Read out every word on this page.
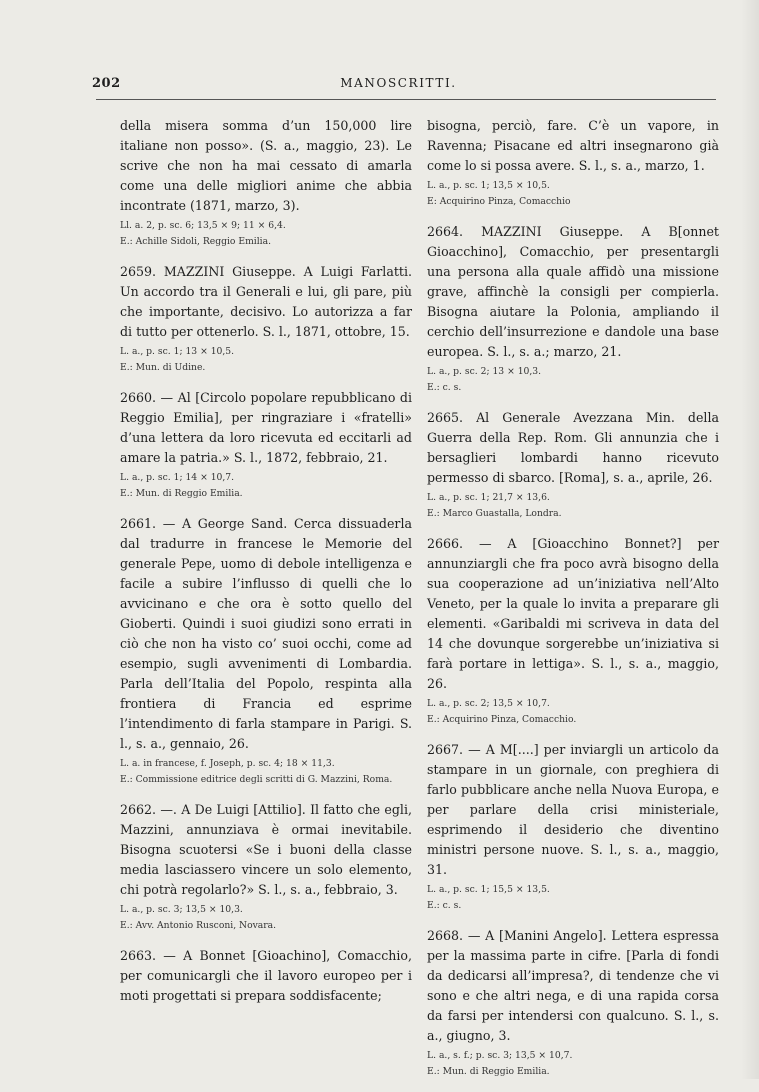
202	MANOSCRITTI.

della misera somma d’un 150,000 lire italiane non posso». (S. a., maggio, 23). Le scrive che non ha mai cessato di amarla come una delle migliori anime che abbia incontrate (1871, marzo, 3).

Ll. a. 2, p. sc. 6; 13,5 × 9; 11 × 6,4.
E.: Achille Sidoli, Reggio Emilia.

2659. MAZZINI Giuseppe. A Luigi Farlatti. Un accordo tra il Generali e lui, gli pare, più che importante, decisivo. Lo autorizza a far di tutto per ottenerlo. S. l., 1871, ottobre, 15.

L. a., p. sc. 1; 13 × 10,5.
E.: Mun. di Udine.

2660. — Al [Circolo popolare repubblicano di Reggio Emilia], per ringraziare i «fratelli» d’una lettera da loro ricevuta ed eccitarli ad amare la patria.» S. l., 1872, febbraio, 21.

L. a., p. sc. 1; 14 × 10,7.
E.: Mun. di Reggio Emilia.

2661. — A George Sand. Cerca dissuaderla dal tradurre in francese le Memorie del generale Pepe, uomo di debole intelligenza e facile a subire l’influsso di quelli che lo avvicinano e che ora è sotto quello del Gioberti. Quindi i suoi giudizi sono errati in ciò che non ha visto co’ suoi occhi, come ad esempio, sugli avvenimenti di Lombardia. Parla dell’Italia del Popolo, respinta alla frontiera di Francia ed esprime l’intendimento di farla stampare in Parigi. S. l., s. a., gennaio, 26.

L. a. in francese, f. Joseph, p. sc. 4; 18 × 11,3.
E.: Commissione editrice degli scritti di G. Mazzini, Roma.

2662. —. A De Luigi [Attilio]. Il fatto che egli, Mazzini, annunziava è ormai inevitabile. Bisogna scuotersi «Se i buoni della classe media lasciassero vincere un solo elemento, chi potrà regolarlo?» S. l., s. a., febbraio, 3.

L. a., p. sc. 3; 13,5 × 10,3.
E.: Avv. Antonio Rusconi, Novara.

2663. — A Bonnet [Gioachino], Comacchio, per comunicargli che il lavoro europeo per i moti progettati si prepara soddisfacente;

bisogna, perciò, fare. C’è un vapore, in Ravenna; Pisacane ed altri insegnarono già come lo si possa avere. S. l., s. a., marzo, 1.

L. a., p. sc. 1; 13,5 × 10,5.
E: Acquirino Pinza, Comacchio

2664. MAZZINI Giuseppe. A B[onnet Gioacchino], Comacchio, per presentargli una persona alla quale affidò una missione grave, affinchè la consigli per compierla. Bisogna aiutare la Polonia, ampliando il cerchio dell’insurrezione e dandole una base europea. S. l., s. a.; marzo, 21.

L. a., p. sc. 2; 13 × 10,3.
E.: c. s.

2665. Al Generale Avezzana Min. della Guerra della Rep. Rom. Gli annunzia che i bersaglieri lombardi hanno ricevuto permesso di sbarco. [Roma], s. a., aprile, 26.

L. a., p. sc. 1; 21,7 × 13,6.
E.: Marco Guastalla, Londra.

2666. — A [Gioacchino Bonnet?] per annunziargli che fra poco avrà bisogno della sua cooperazione ad un’iniziativa nell’Alto Veneto, per la quale lo invita a preparare gli elementi. «Garibaldi mi scriveva in data del 14 che dovunque sorgerebbe un’iniziativa si farà portare in lettiga». S. l., s. a., maggio, 26.

L. a., p. sc. 2; 13,5 × 10,7.
E.: Acquirino Pinza, Comacchio.

2667. — A M[....] per inviargli un articolo da stampare in un giornale, con preghiera di farlo pubblicare anche nella Nuova Europa, e per parlare della crisi ministeriale, esprimendo il desiderio che diventino ministri persone nuove. S. l., s. a., maggio, 31.

L. a., p. sc. 1; 15,5 × 13,5.
E.: c. s.

2668. — A [Manini Angelo]. Lettera espressa per la massima parte in cifre. [Parla di fondi da dedicarsi all’impresa?, di tendenze che vi sono e che altri nega, e di una rapida corsa da farsi per intendersi con qualcuno. S. l., s. a., giugno, 3.

L. a., s. f.; p. sc. 3; 13,5 × 10,7.
E.: Mun. di Reggio Emilia.
